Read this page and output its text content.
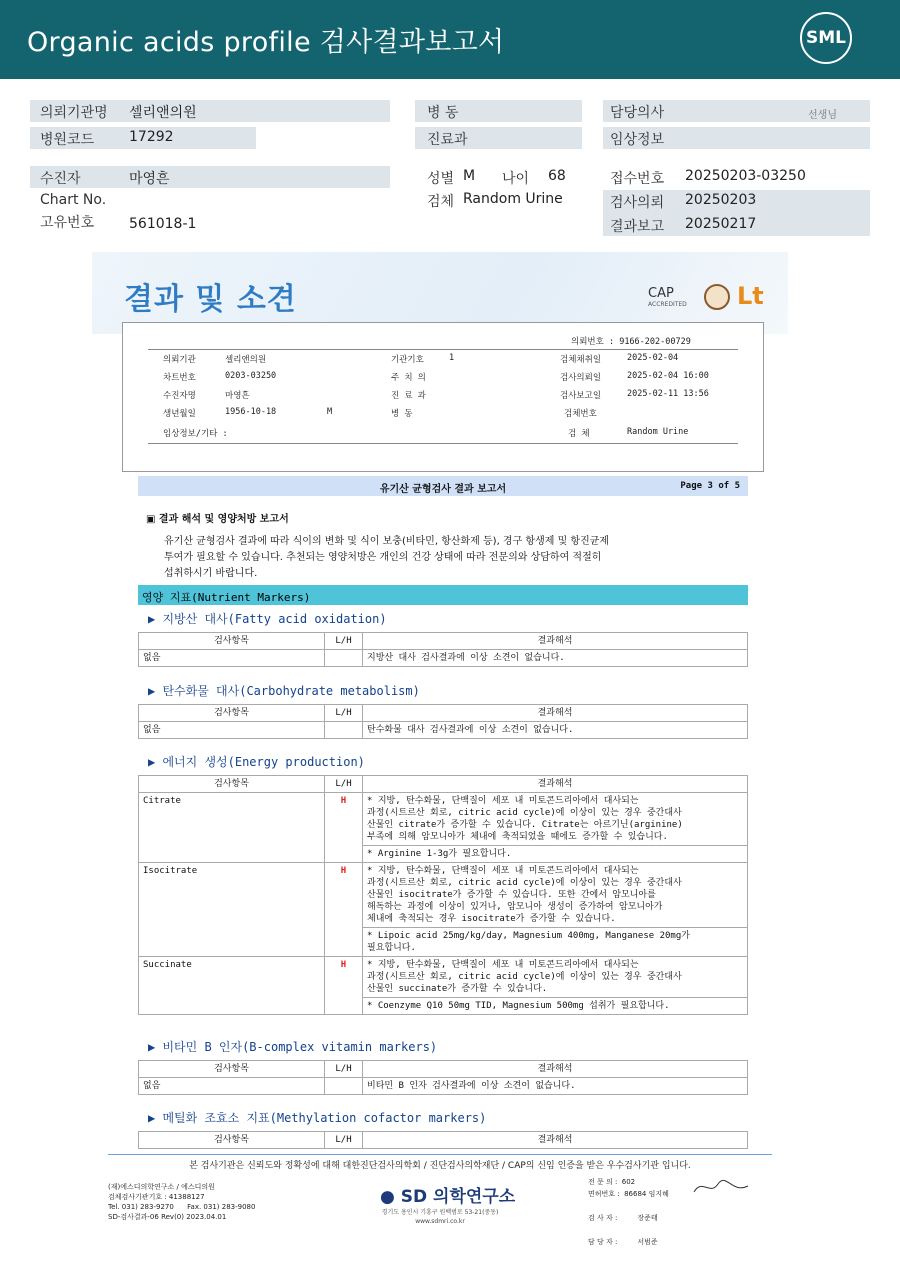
Organic acids profile 검사결과보고서	SML
의뢰기관명 셀리앤의원
병원코드 17292
병 동
진료과
담당의사	선생님
임상정보
수진자	마영흔
Chart No.
고유번호 561018-1
성별 M 나이 68
검체 Random Urine
접수번호 20250203-03250
검사의뢰 20250203
결과보고 20250217
결과 및 소견	CAP
ACCREDITED Lt
의뢰번호 : 9166-202-00729
의뢰기관	셀리앤의원	기관기호	1	검체채취일	2025-02-04
차트번호	0203-03250	주 치 의	검사의뢰일	2025-02-04 16:00
수진자명	마영흔	진 료 과	검사보고일	2025-02-11 13:56
생년월일	1956-10-18	M	병 동	검체번호
임상정보/기타 :	검 체	Random Urine
유기산 균형검사 결과 보고서	Page 3 of 5
▣ 결과 해석 및 영양처방 보고서
유기산 균형검사 결과에 따라 식이의 변화 및 식이 보충(비타민, 항산화제 등), 경구 항생제 및 항진균제
투여가 필요할 수 있습니다. 추천되는 영양처방은 개인의 건강 상태에 따라 전문의와 상담하여 적절히
섭취하시기 바랍니다.
영양 지표(Nutrient Markers)
▶ 지방산 대사(Fatty acid oxidation)
검사항목	L/H	결과해석
없음		지방산 대사 검사결과에 이상 소견이 없습니다.
▶ 탄수화물 대사(Carbohydrate metabolism)
검사항목	L/H	결과해석
없음		탄수화물 대사 검사결과에 이상 소견이 없습니다.
▶ 에너지 생성(Energy production)
검사항목	L/H	결과해석
Citrate	H	* 지방, 탄수화물, 단백질이 세포 내 미토콘드리아에서 대사되는
과정(시트르산 회로, citric acid cycle)에 이상이 있는 경우 중간대사
산물인 citrate가 증가할 수 있습니다. Citrate는 아르기닌(arginine)
부족에 의해 암모니아가 체내에 축적되었을 때에도 증가할 수 있습니다.

		* Arginine 1-3g가 필요합니다.
Isocitrate	H	* 지방, 탄수화물, 단백질이 세포 내 미토콘드리아에서 대사되는
과정(시트르산 회로, citric acid cycle)에 이상이 있는 경우 중간대사
산물인 isocitrate가 증가할 수 있습니다. 또한 간에서 암모니아를
해독하는 과정에 이상이 있거나, 암모니아 생성이 증가하여 암모니아가
체내에 축적되는 경우 isocitrate가 증가할 수 있습니다.

		* Lipoic acid 25mg/kg/day, Magnesium 400mg, Manganese 20mg가
필요합니다.

Succinate	H	* 지방, 탄수화물, 단백질이 세포 내 미토콘드리아에서 대사되는
과정(시트르산 회로, citric acid cycle)에 이상이 있는 경우 중간대사
산물인 succinate가 증가할 수 있습니다.

		* Coenzyme Q10 50mg TID, Magnesium 500mg 섭취가 필요합니다.
▶ 비타민 B 인자(B-complex vitamin markers)
검사항목	L/H	결과해석
없음		비타민 B 인자 검사결과에 이상 소견이 없습니다.
▶ 메틸화 조효소 지표(Methylation cofactor markers)
검사항목	L/H	결과해석
본 검사기관은 신뢰도와 정확성에 대해 대한진단검사의학회 / 진단검사의학재단 / CAP의 신임 인증을 받은 우수검사기관 입니다.
(재)에스디의학연구소 / 에스디의원
검체검사기관기호 : 41388127
Tel. 031) 283-9270      Fax. 031) 283-9080
SD-검사결과-06 Rev(0) 2023.04.01
● SD 의학연구소
경기도 용인시 기흥구 원백범로 53-21(중동)
www.sdmri.co.kr
전 문 의 :  602
면허번호 :  86684 임지혜

검 사 자 :         장준태

담 당 자 :         서범준
